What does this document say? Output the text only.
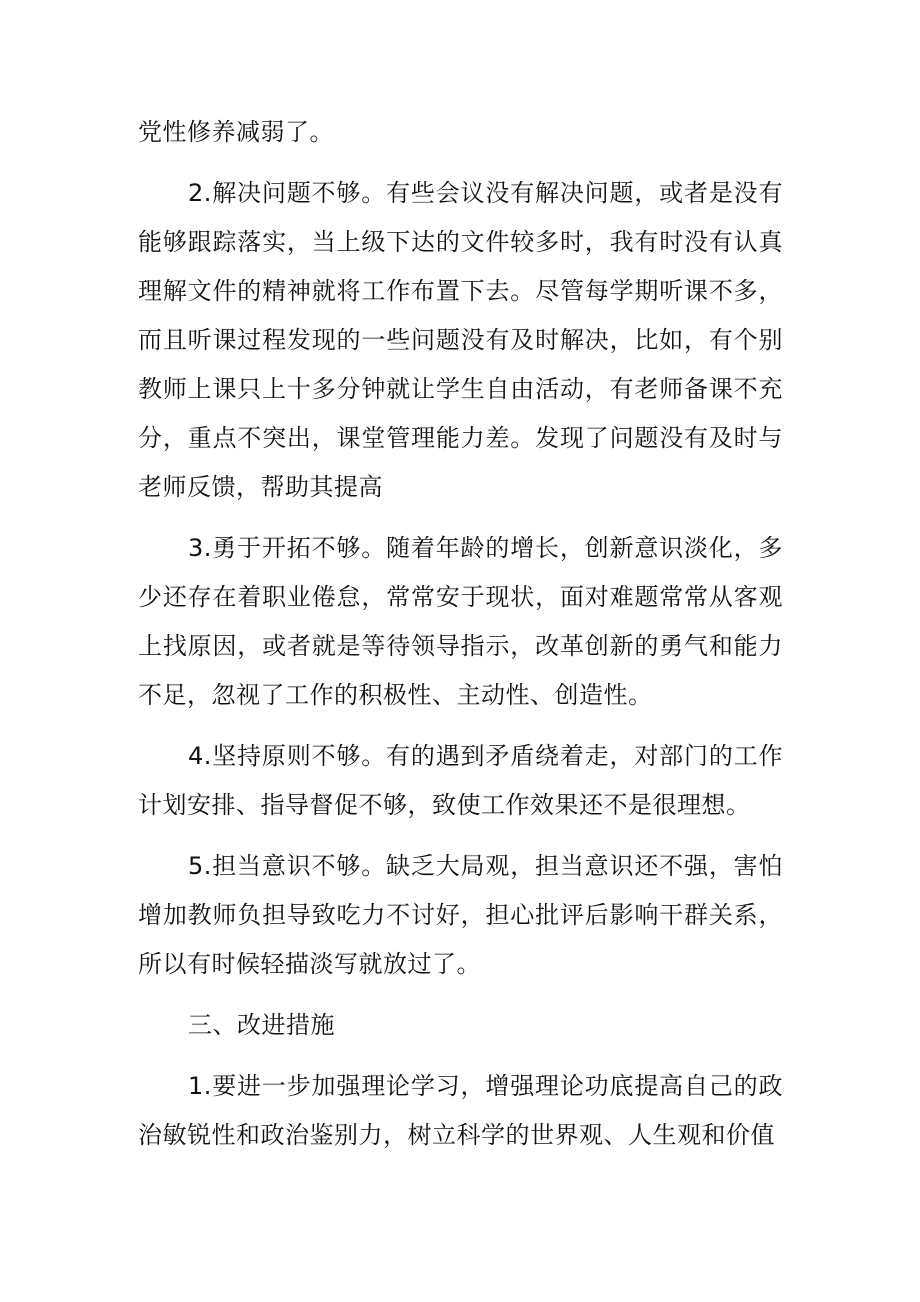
党性修养减弱了。

2.解决问题不够。有些会议没有解决问题，或者是没有能够跟踪落实，当上级下达的文件较多时，我有时没有认真理解文件的精神就将工作布置下去。尽管每学期听课不多，而且听课过程发现的一些问题没有及时解决，比如，有个别教师上课只上十多分钟就让学生自由活动，有老师备课不充分，重点不突出，课堂管理能力差。发现了问题没有及时与老师反馈，帮助其提高

3.勇于开拓不够。随着年龄的增长，创新意识淡化，多少还存在着职业倦怠，常常安于现状，面对难题常常从客观上找原因，或者就是等待领导指示，改革创新的勇气和能力不足，忽视了工作的积极性、主动性、创造性。

4.坚持原则不够。有的遇到矛盾绕着走，对部门的工作计划安排、指导督促不够，致使工作效果还不是很理想。

5.担当意识不够。缺乏大局观，担当意识还不强，害怕增加教师负担导致吃力不讨好，担心批评后影响干群关系，所以有时候轻描淡写就放过了。

三、改进措施

1.要进一步加强理论学习，增强理论功底提高自己的政治敏锐性和政治鉴别力，树立科学的世界观、人生观和价值
